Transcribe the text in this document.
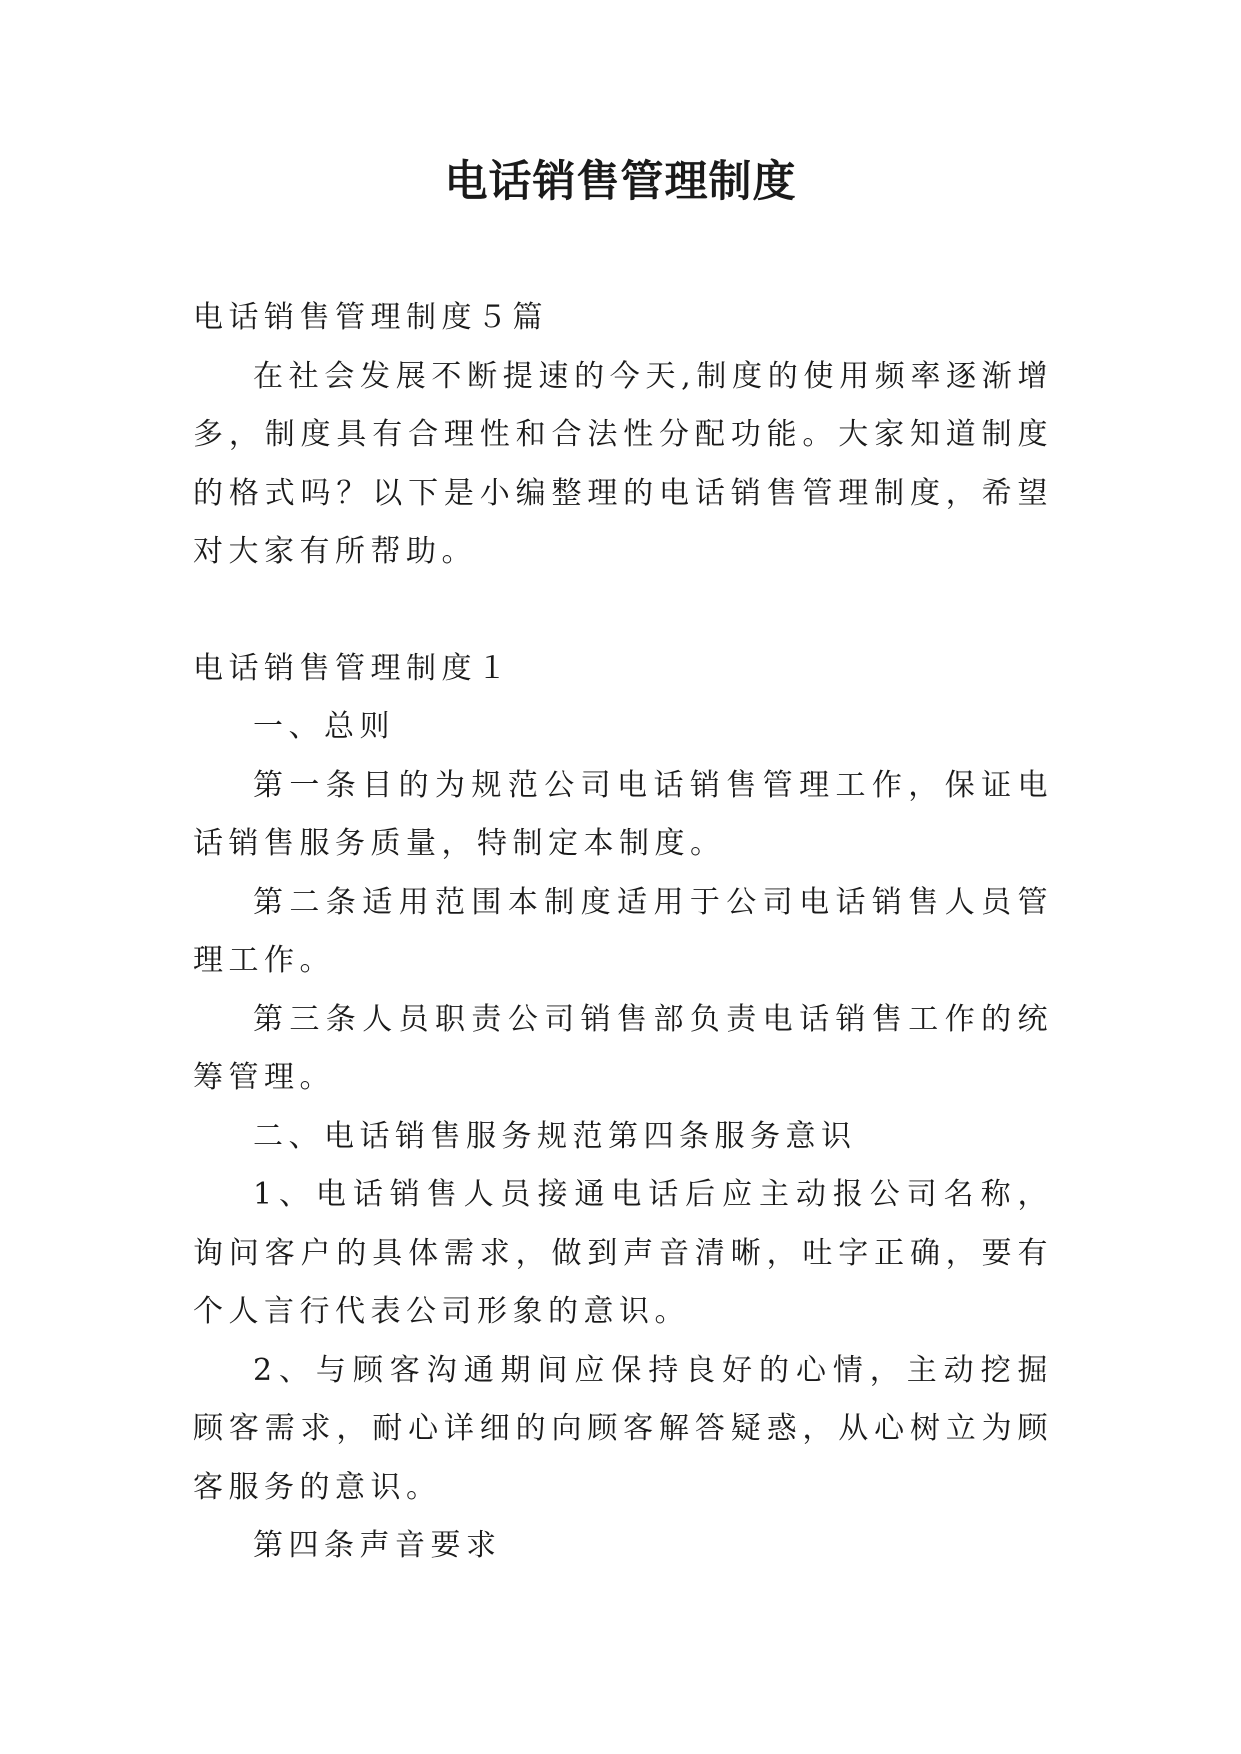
电话销售管理制度

电话销售管理制度５篇

在社会发展不断提速的今天,制度的使用频率逐渐增多，制度具有合理性和合法性分配功能。大家知道制度的格式吗？以下是小编整理的电话销售管理制度，希望对大家有所帮助。

电话销售管理制度１

一、总则

第一条目的为规范公司电话销售管理工作，保证电话销售服务质量，特制定本制度。

第二条适用范围本制度适用于公司电话销售人员管理工作。

第三条人员职责公司销售部负责电话销售工作的统筹管理。

二、电话销售服务规范第四条服务意识

1、电话销售人员接通电话后应主动报公司名称，询问客户的具体需求，做到声音清晰，吐字正确，要有个人言行代表公司形象的意识。

2、与顾客沟通期间应保持良好的心情，主动挖掘顾客需求，耐心详细的向顾客解答疑惑，从心树立为顾客服务的意识。

第四条声音要求
